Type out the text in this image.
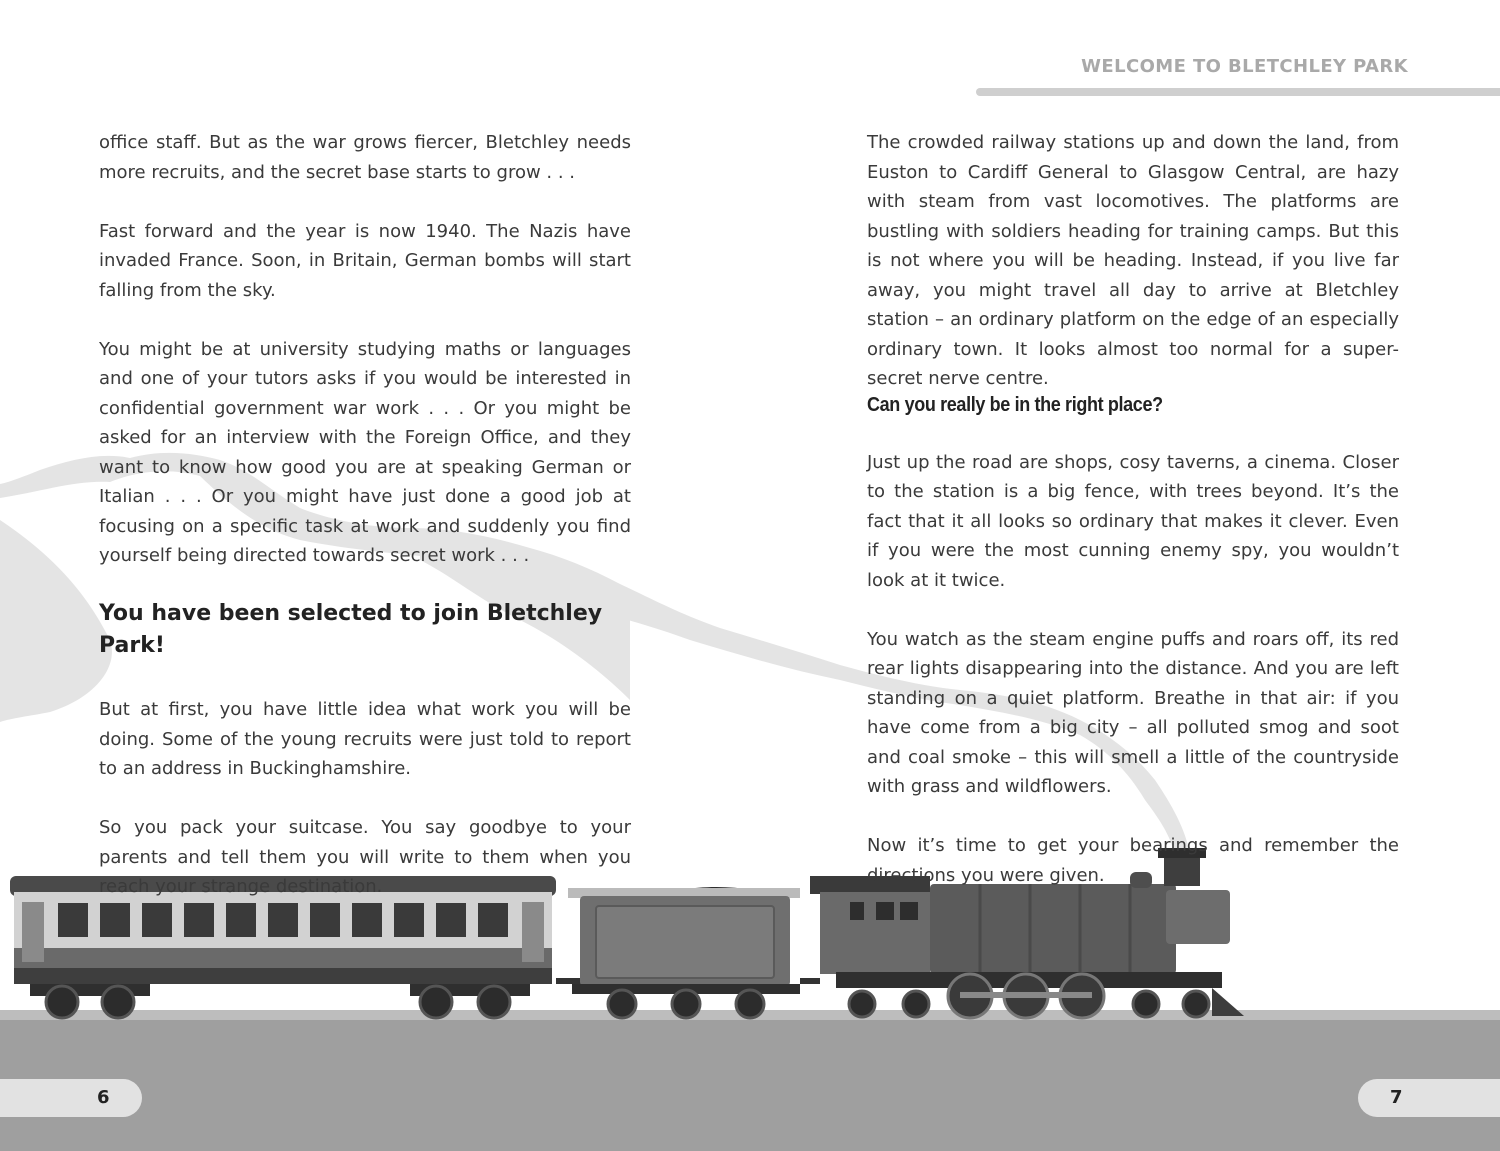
WELCOME TO BLETCHLEY PARK

office staff. But as the war grows fiercer, Bletchley needs more recruits, and the secret base starts to grow . . .

Fast forward and the year is now 1940. The Nazis have invaded France. Soon, in Britain, German bombs will start falling from the sky.

You might be at university studying maths or languages and one of your tutors asks if you would be interested in confidential government war work . . . Or you might be asked for an interview with the Foreign Office, and they want to know how good you are at speaking German or Italian . . . Or you might have just done a good job at focusing on a specific task at work and suddenly you find yourself being directed towards secret work . . .

You have been selected to join Bletchley Park!

But at first, you have little idea what work you will be doing. Some of the young recruits were just told to report to an address in Buckinghamshire.

So you pack your suitcase. You say goodbye to your parents and tell them you will write to them when you reach your strange destination.

The crowded railway stations up and down the land, from Euston to Cardiff General to Glasgow Central, are hazy with steam from vast locomotives. The platforms are bustling with soldiers heading for training camps. But this is not where you will be heading. Instead, if you live far away, you might travel all day to arrive at Bletchley station – an ordinary platform on the edge of an especially ordinary town. It looks almost too normal for a super-secret nerve centre.

Can you really be in the right place?

Just up the road are shops, cosy taverns, a cinema. Closer to the station is a big fence, with trees beyond. It’s the fact that it all looks so ordinary that makes it clever. Even if you were the most cunning enemy spy, you wouldn’t look at it twice.

You watch as the steam engine puffs and roars off, its red rear lights disappearing into the distance. And you are left standing on a quiet platform. Breathe in that air: if you have come from a big city – all polluted smog and soot and coal smoke – this will smell a little of the countryside with grass and wildflowers.

Now it’s time to get your bearings and remember the directions you were given.

6	7
